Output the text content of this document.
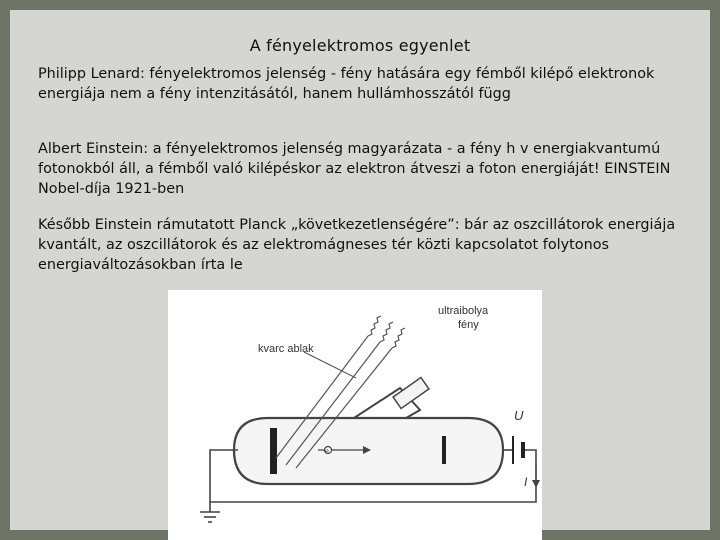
A fényelektromos egyenlet

Philipp Lenard: fényelektromos jelenség - fény hatására egy fémből kilépő elektronok energiája nem a fény intenzitásától, hanem hullámhosszától függ

Albert Einstein: a fényelektromos jelenség magyarázata - a fény h v energiakvantumú fotonokból áll, a fémből való kilépéskor az elektron átveszi a foton energiáját! EINSTEIN Nobel-díja 1921-ben

Később Einstein rámutatott Planck „következetlenségére”: bár az oszcillátorok energiája kvantált, az oszcillátorok és az elektromágneses tér közti kapcsolatot folytonos energiaváltozásokban írta le

kvarc ablak
ultraibolya
fény
U
I
e
